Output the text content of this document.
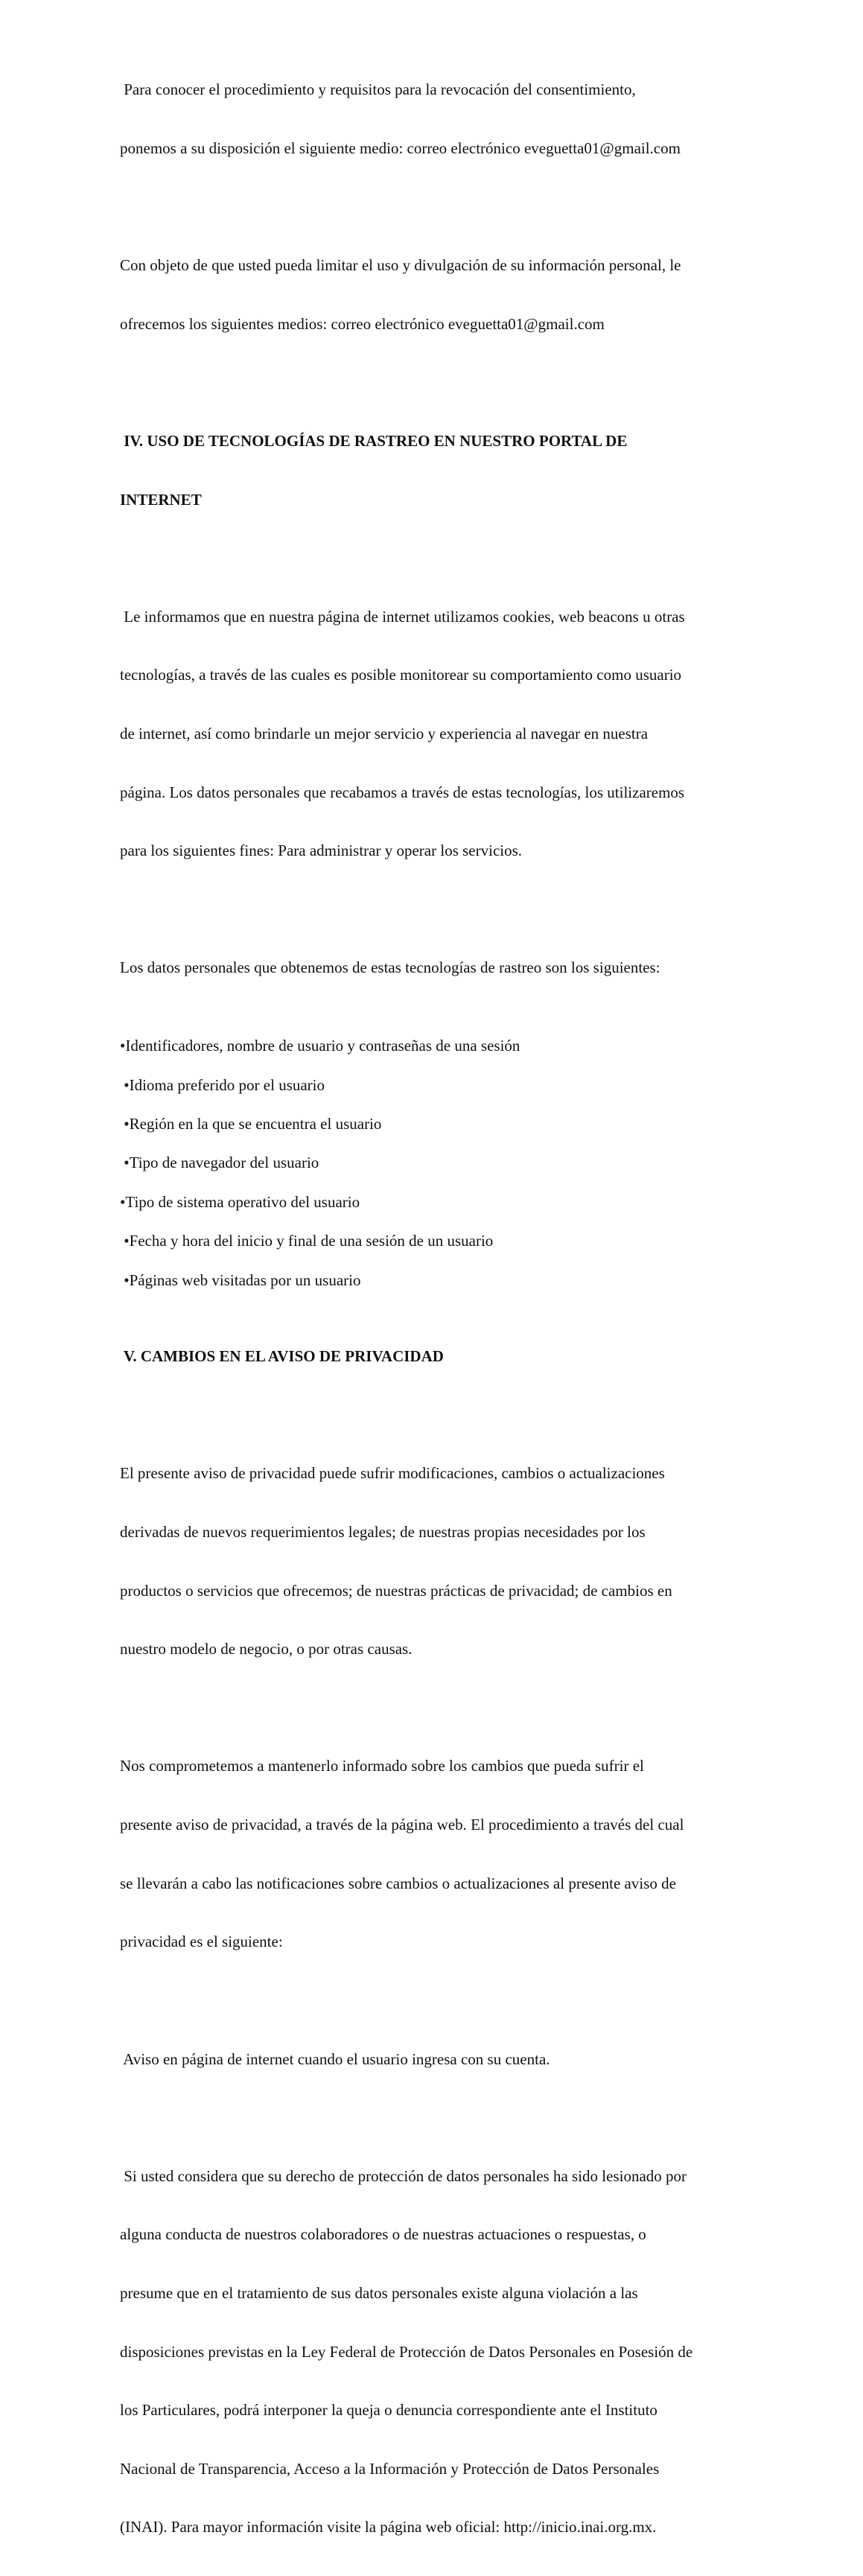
Para conocer el procedimiento y requisitos para la revocación del consentimiento,

ponemos a su disposición el siguiente medio: correo electrónico eveguetta01@gmail.com

Con objeto de que usted pueda limitar el uso y divulgación de su información personal, le

ofrecemos los siguientes medios: correo electrónico eveguetta01@gmail.com

IV. USO DE TECNOLOGÍAS DE RASTREO EN NUESTRO PORTAL DE

INTERNET

Le informamos que en nuestra página de internet utilizamos cookies, web beacons u otras

tecnologías, a través de las cuales es posible monitorear su comportamiento como usuario

de internet, así como brindarle un mejor servicio y experiencia al navegar en nuestra

página. Los datos personales que recabamos a través de estas tecnologías, los utilizaremos

para los siguientes fines: Para administrar y operar los servicios.

Los datos personales que obtenemos de estas tecnologías de rastreo son los siguientes:

•Identificadores, nombre de usuario y contraseñas de una sesión

•Idioma preferido por el usuario

•Región en la que se encuentra el usuario

•Tipo de navegador del usuario

•Tipo de sistema operativo del usuario

•Fecha y hora del inicio y final de una sesión de un usuario

•Páginas web visitadas por un usuario

V. CAMBIOS EN EL AVISO DE PRIVACIDAD

El presente aviso de privacidad puede sufrir modificaciones, cambios o actualizaciones

derivadas de nuevos requerimientos legales; de nuestras propias necesidades por los

productos o servicios que ofrecemos; de nuestras prácticas de privacidad; de cambios en

nuestro modelo de negocio, o por otras causas.

Nos comprometemos a mantenerlo informado sobre los cambios que pueda sufrir el

presente aviso de privacidad, a través de la página web. El procedimiento a través del cual

se llevarán a cabo las notificaciones sobre cambios o actualizaciones al presente aviso de

privacidad es el siguiente:

Aviso en página de internet cuando el usuario ingresa con su cuenta.

Si usted considera que su derecho de protección de datos personales ha sido lesionado por

alguna conducta de nuestros colaboradores o de nuestras actuaciones o respuestas, o

presume que en el tratamiento de sus datos personales existe alguna violación a las

disposiciones previstas en la Ley Federal de Protección de Datos Personales en Posesión de

los Particulares, podrá interponer la queja o denuncia correspondiente ante el Instituto

Nacional de Transparencia, Acceso a la Información y Protección de Datos Personales

(INAI). Para mayor información visite la página web oficial: http://inicio.inai.org.mx.
